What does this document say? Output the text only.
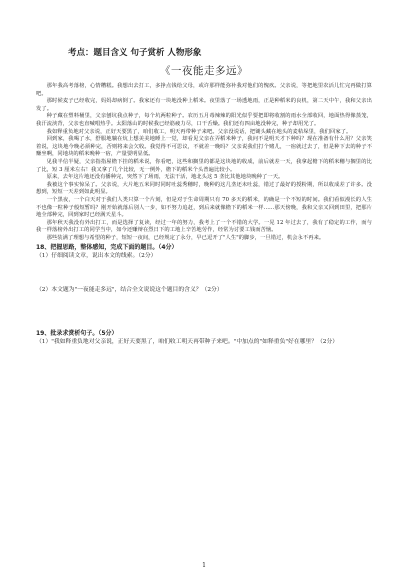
考点：题目含义 句子赏析 人物形象
《一夜能走多远》

那年我高考落榜，心情糟糕。我想出去打工，多挣点钱给父母，或许那样能弥补我对他们的愧疚。父亲说，等把地里农活儿忙完再做打算吧。

那时候麦子已经收完，妈妈却病倒了。我家还有一块地没种上稻米。夜里落了一场透地雨，正是种稻米的良机，第二天中午，我和父亲出发了。

种子藏在塑料桶里，父亲刨坑我点种子，每个坑两粒种子。农历五月毒辣辣的阳光似乎要把即将收割的雨水全部收回，地面热得像蒸笼，我汗流浃背，父亲也直喊唱热乎。太阳落山的时候我已经筋疲力尽，口干舌燥。我们还有四亩地没种完，种子却用光了。

我如释重负地对父亲说，正好天要黑了，咱们收工，明天再带种子来吧。父亲没说话，把锄头藏在地头的麦秸垛里，我们回家了。

回到家，我喝了水，舒服地躺在炕上想美美地睡上一觉，却看见父亲在弄稻米种子，我问不是明天才下种吗？现在准备有什么用？父亲笑着说，这块地今晚必须种完，否则将来会欠收。我觉得不可思议，不就差一晚吗？父亲说我们打个赌儿，一宿就过去了，但是种下去的种子不赚坐啊，同地块的稻米晚种一宿，产量要明显低。

见我半信半疑，父亲指指屋檐下挂的稻米说，你看吧，这些和搁里的都是这块地的收成，前后就差一天，我拿起檐下的稻米穗与搁里的比了比，短 3 厘米左右！我又拿了几个比较，无一例外，檐下的稻米个头普遍比较小。

原来，去年这片地还没有播种完，突然下了场雨，无法干活，地北头这 5 垄比其他地块晚种了一天。

我被这个事实惊呆了。父亲说，大片地五米同时同时吐蕊秀穗时，晚种的这几垄还未吐蕊，错过了最好的授粉期，所以收成差了许多。没想到，短短一天差到如此明显。

一个黑夜，一个白天对于我们人类只算一个片刻，但是对于生命周期只有 70 多天的稻米，的确是一个不短的时间。我们看似漫长的人生不也像一粒种子般短暂吗？刚开始就落后别人一步，如不努力追赶，到后来就像檐下的稻米一样……那天傍晚，我和父亲又回到田里，把那片地全部种完，回到家时已经满天星斗。

那年秋天我没有外出打工，而是选择了复读，经过一年的努力，我考上了一个不错的大学。一晃 12 年过去了，我有了稳定的工作，而与我一样落榜外出打工的同学当中，如今还赚辩在烈日下的工地上辛苦地劳作，经常为讨要工钱而苦恼。

那些装满了理想与希望的种子，短短一夜间，已经规定了永分，早已逗开了"人生"的脚步，一旦错过，机会永不再来。

18、把握思路，整体感知，完成下面的题目。（4分）

（1）仔细阅读文章，说出本文的线索。（2分）

（2）本文题为"一夜能走多远"，结合全文说说这个题目的含义？（2分）

19、批录求赏析句子。（5分）

（1）"我如释重负地对父亲说，正好天要黑了，咱们收工明天再带种子来吧。"中加点的"如释重负"好在哪里？（2分）

1
